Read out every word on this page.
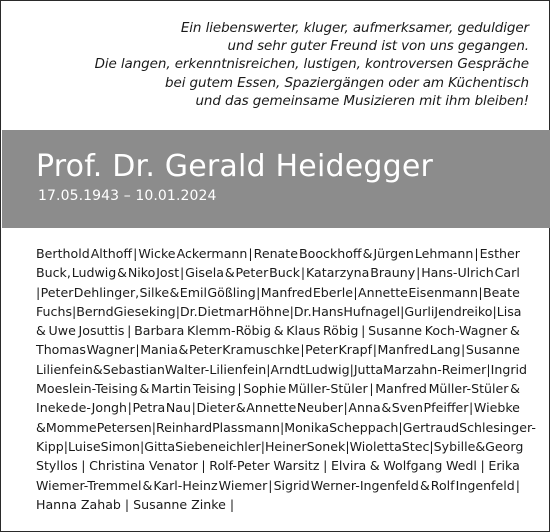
Ein liebenswerter, kluger, aufmerksamer, geduldiger
und sehr guter Freund ist von uns gegangen.
Die langen, erkenntnisreichen, lustigen, kontroversen Gespräche
bei gutem Essen, Spaziergängen oder am Küchentisch
und das gemeinsame Musizieren mit ihm bleiben!
Prof. Dr. Gerald Heidegger
17.05.1943 – 10.01.2024
Berthold Althoff | Wicke Ackermann | Renate Boockhoff & Jürgen Lehmann | Esther
Buck, Ludwig & Niko Jost | Gisela & Peter Buck | Katarzyna Brauny | Hans-Ulrich Carl
| Peter Dehlinger, Silke & Emil Gößling | Manfred Eberle | Annette Eisenmann | Beate
Fuchs | Bernd Gieseking | Dr. Dietmar Höhne | Dr. Hans Hufnagel | Gurli Jendreiko | Lisa
& Uwe Josuttis | Barbara Klemm-Röbig & Klaus Röbig | Susanne Koch-Wagner &
Thomas Wagner | Mania & Peter Kramuschke | Peter Krapf | Manfred Lang | Susanne
Lilienfein & Sebastian Walter-Lilienfein | Arndt Ludwig | Jutta Marzahn-Reimer | Ingrid
Moeslein-Teising & Martin Teising | Sophie Müller-Stüler | Manfred Müller-Stüler &
Ineke de-Jongh | Petra Nau | Dieter & Annette Neuber | Anna & Sven Pfeiffer | Wiebke
& Momme Petersen | Reinhard Plassmann | Monika Scheppach | Gertraud Schlesinger-
Kipp | Luise Simon | Gitta Siebeneichler | Heiner Sonek | Wioletta Stec | Sybille & Georg
Styllos | Christina Venator | Rolf-Peter Warsitz | Elvira & Wolfgang Wedl | Erika
Wiemer-Tremmel & Karl-Heinz Wiemer | Sigrid Werner-Ingenfeld & Rolf Ingenfeld |
Hanna Zahab | Susanne Zinke |
